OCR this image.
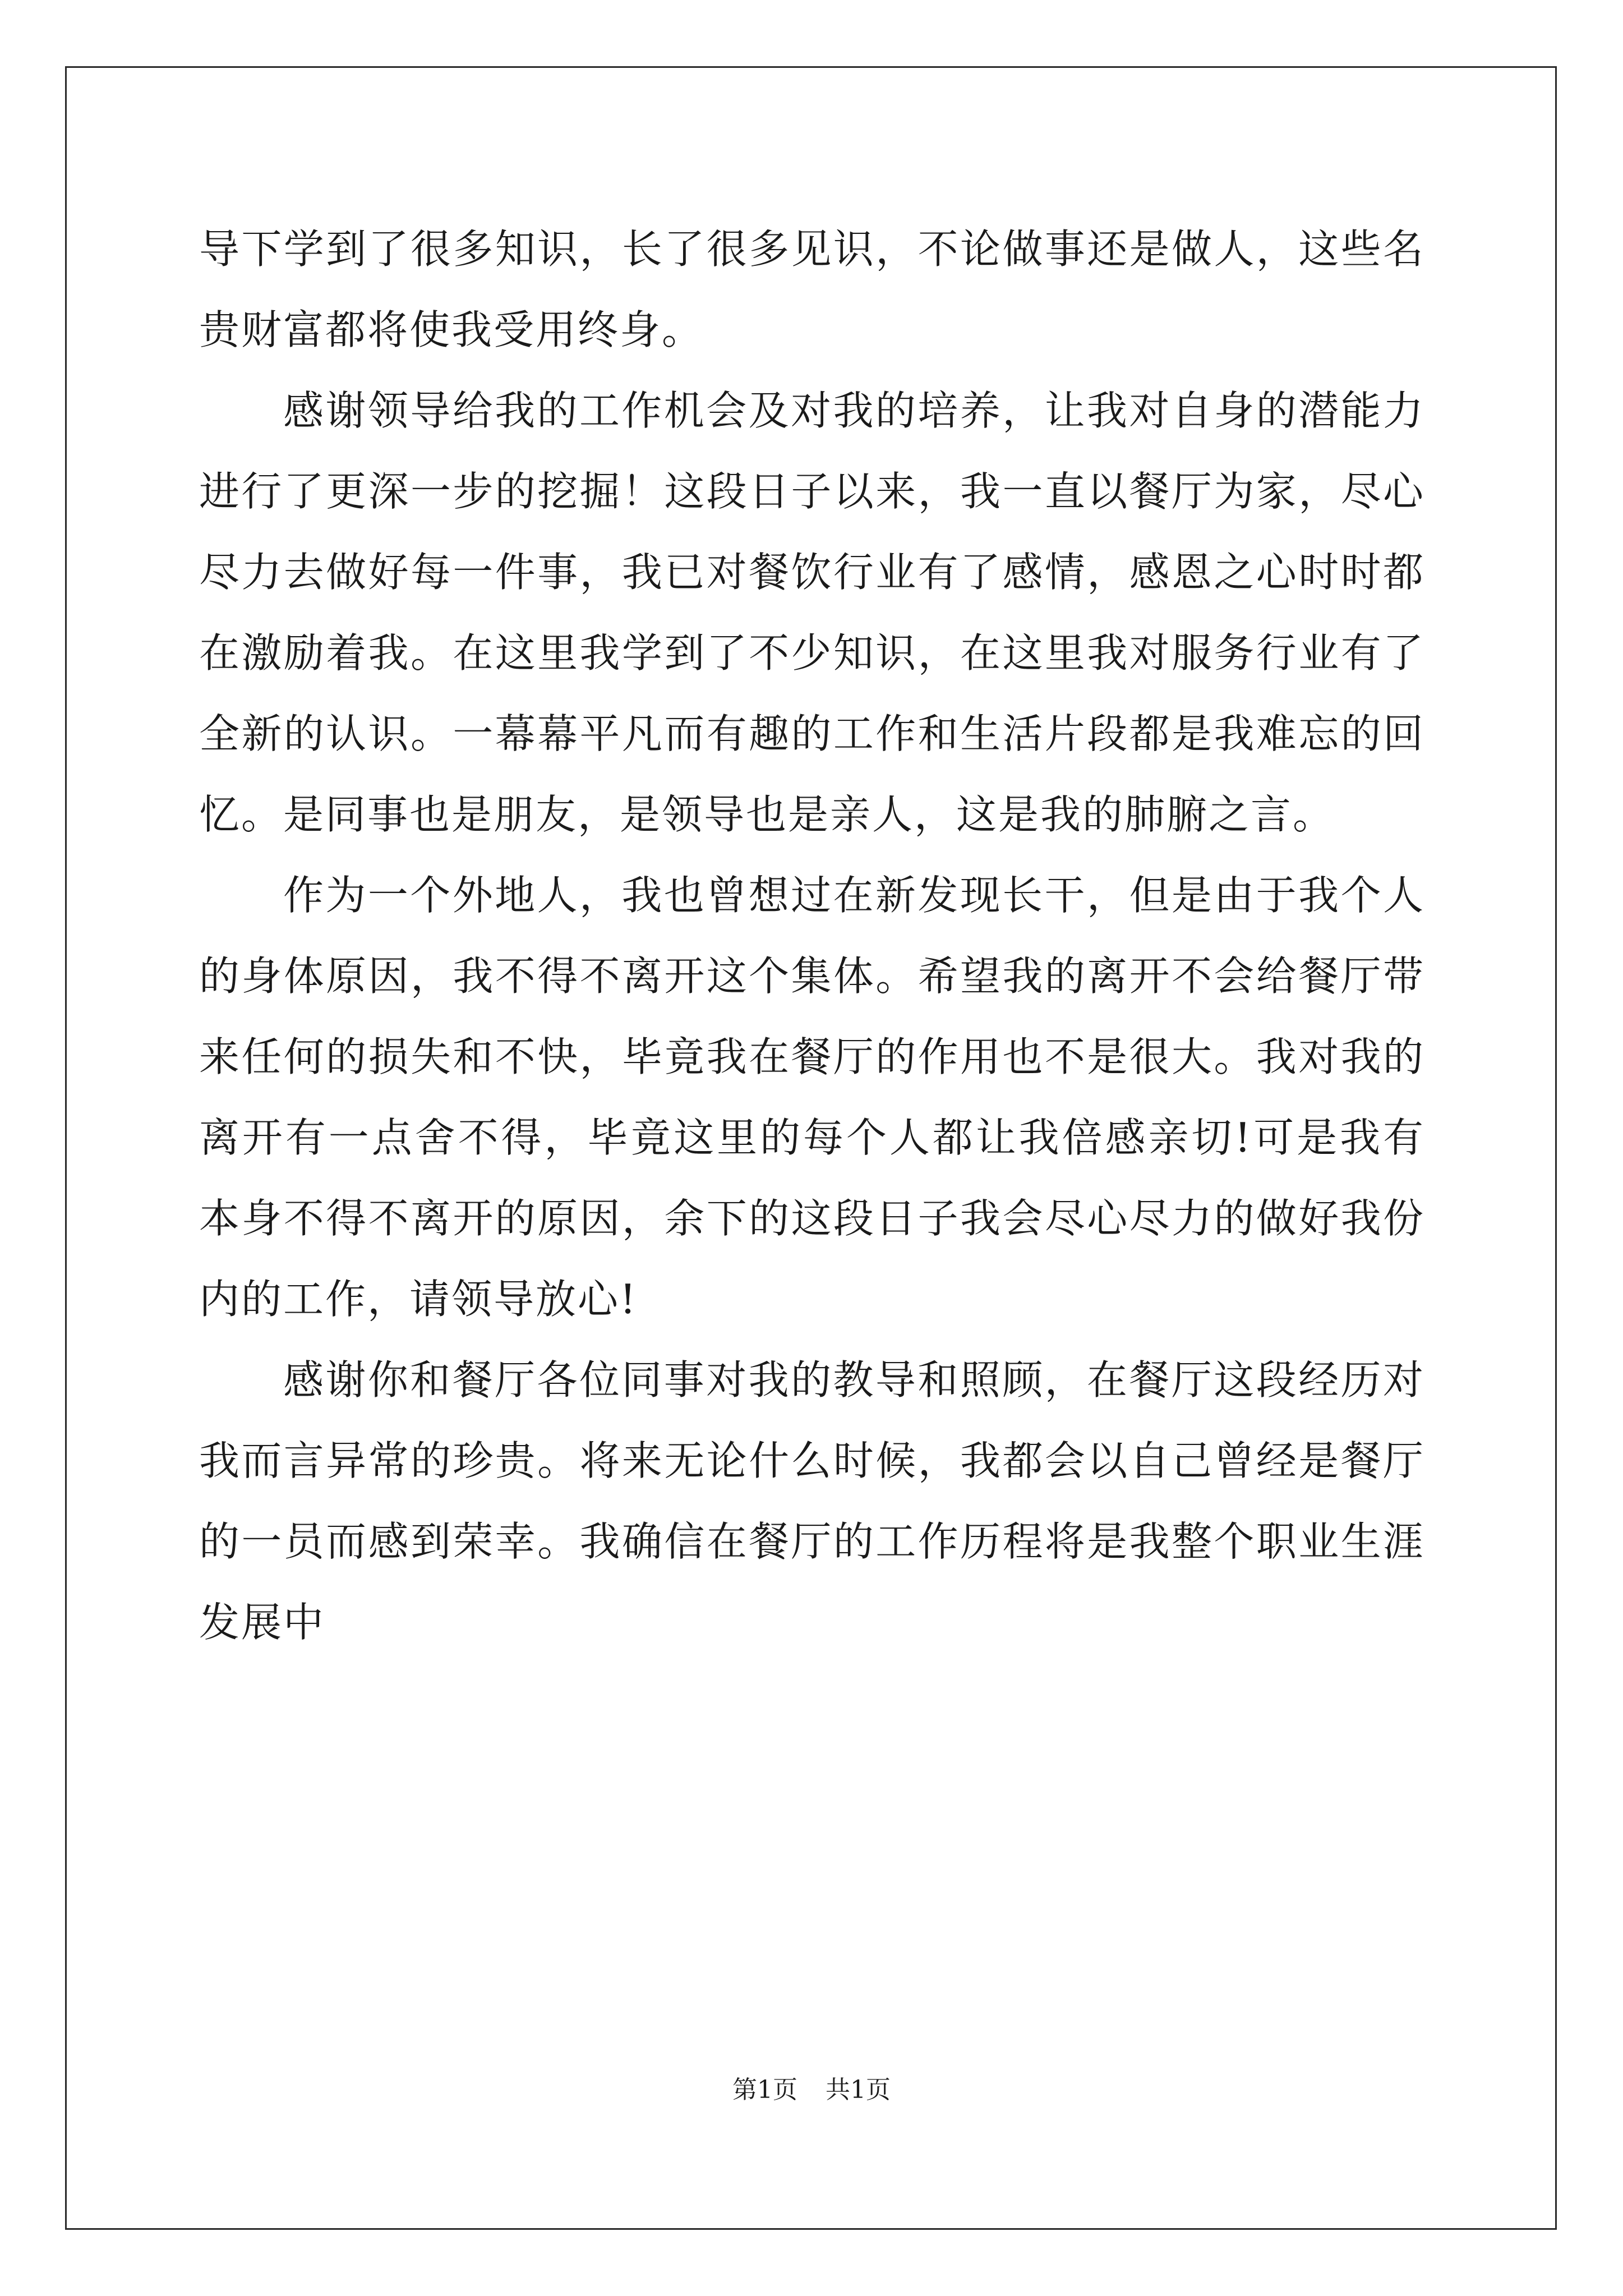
导下学到了很多知识，长了很多见识，不论做事还是做人，这些名贵财富都将使我受用终身。

感谢领导给我的工作机会及对我的培养，让我对自身的潜能力进行了更深一步的挖掘！这段日子以来，我一直以餐厅为家，尽心尽力去做好每一件事，我已对餐饮行业有了感情，感恩之心时时都在激励着我。在这里我学到了不少知识，在这里我对服务行业有了全新的认识。一幕幕平凡而有趣的工作和生活片段都是我难忘的回忆。是同事也是朋友，是领导也是亲人，这是我的肺腑之言。

作为一个外地人，我也曾想过在新发现长干，但是由于我个人的身体原因，我不得不离开这个集体。希望我的离开不会给餐厅带来任何的损失和不快，毕竟我在餐厅的作用也不是很大。我对我的离开有一点舍不得，毕竟这里的每个人都让我倍感亲切!可是我有本身不得不离开的原因，余下的这段日子我会尽心尽力的做好我份内的工作，请领导放心!

感谢你和餐厅各位同事对我的教导和照顾，在餐厅这段经历对我而言异常的珍贵。将来无论什么时候，我都会以自己曾经是餐厅的一员而感到荣幸。我确信在餐厅的工作历程将是我整个职业生涯发展中

第1页 共1页
